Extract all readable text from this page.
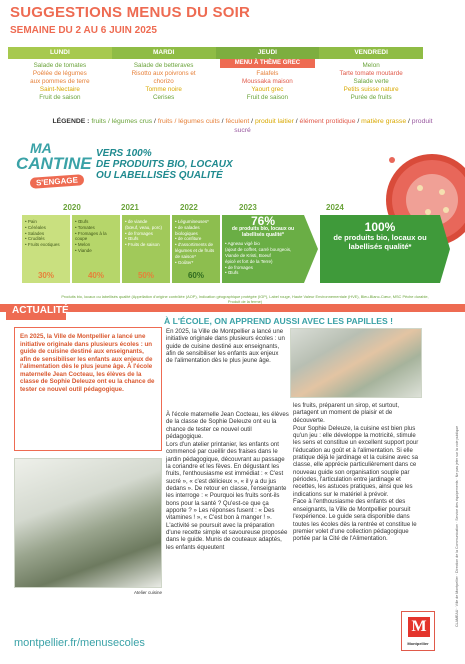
SUGGESTIONS MENUS DU SOIR
SEMAINE DU 2 AU 6 JUIN 2025
LUNDI
Salade de tomates
Poêlée de légumes
aux pommes de terre
Saint-Nectaire
Fruit de saison
MARDI
Salade de betteraves
Risotto aux poivrons et
chorizo
Tomme noire
Cerises
JEUDI
MENU À THÈME GREC
Falafels
Moussaka maison
Yaourt grec
Fruit de saison
VENDREDI
Melon
Tarte tomate moutarde
Salade verte
Petits suisse nature
Purée de fruits
LÉGENDE : fruits / légumes crus / fruits / légumes cuits / féculent / produit laitier / élément protidique / matière grasse / produit sucré
MA
CANTINE
S'ENGAGE
VERS 100%
DE PRODUITS BIO, LOCAUX
OU LABELLISÉS QUALITÉ
2020	2021	2022	2023	2024
• Pain
• Céréales
• Salades
• Crudités
• Fruits exotiques
30%
• Œufs
• Tomates
• Fromages à la coupe
• Melon
• Viande
40%
• de viande
(bœuf, veau, porc)
• de fromages
• Œufs
• Fruits de saison
50%
• Légumineuses*
• de salades
biologiques
• de confiture
• d'assortiments de
légumes et de fruits
de saison*
• Goûter*
60%
76%
de produits bio, locaux ou labellisés qualité*
• Agneau vigé bio
(ajout de coffret, carré bourgeois,
Viande de Kristi, Boeuf
épicé et fort de la Terre)
• de fromages
• Œufs
100%
de produits bio, locaux ou labellisés qualité*
Produits bio, locaux ou labellisés qualité (Appellation d'origine contrôlée (AOP), Indication géographique protégée (IGP), Label rouge, Haute Valeur Environnementale (HVE), Bleu-Blanc-Cœur, MSC Pêche durable, Produit de la ferme)
ACTUALITÉ
À L'ÉCOLE, ON APPREND AUSSI AVEC LES PAPILLES !
En 2025, la Ville de Montpellier a lancé une initiative originale dans plusieurs écoles : un guide de cuisine destiné aux enseignants, afin de sensibiliser les enfants aux enjeux de l'alimentation dès le plus jeune âge. À l'école maternelle Jean Cocteau, les élèves de la classe de Sophie Deleuze ont eu la chance de tester ce nouvel outil pédagogique.
Atelier cuisine

En 2025, la Ville de Montpellier a lancé une initiative originale dans plusieurs écoles : un guide de cuisine destiné aux enseignants, afin de sensibiliser les enfants aux enjeux de l'alimentation dès le plus jeune âge.

À l'école maternelle Jean Cocteau, les élèves de la classe de Sophie Deleuze ont eu la chance de tester ce nouvel outil pédagogique.

Lors d'un atelier printanier, les enfants ont commencé par cueillir des fraises dans le jardin pédagogique, découvrant au passage la coriandre et les fèves. En dégustant les fruits, l'enthousiasme est immédiat : « C'est sucré », « c'est délicieux », « il y a du jus dedans ». De retour en classe, l'enseignante les interroge : « Pourquoi les fruits sont-ils bons pour la santé ? Qu'est-ce que ça apporte ? » Les réponses fusent : « Des vitamines ! », « C'est bon à manger ! ». L'activité se poursuit avec la préparation d'une recette simple et savoureuse proposée dans le guide. Munis de couteaux adaptés, les enfants équeutent

les fruits, préparent un sirop, et surtout, partagent un moment de plaisir et de découverte.

Pour Sophie Deleuze, la cuisine est bien plus qu'un jeu : elle développe la motricité, stimule les sens et constitue un excellent support pour l'éducation au goût et à l'alimentation. Si elle pratique déjà le jardinage et la cuisine avec sa classe, elle apprécie particulièrement dans ce nouveau guide son organisation souple par périodes, l'articulation entre jardinage et recettes, les astuces pratiques, ainsi que les indications sur le matériel à prévoir.

Face à l'enthousiasme des enfants et des enseignants, la Ville de Montpellier poursuit l'expérience. Le guide sera disponible dans toutes les écoles dès la rentrée et constitue le premier volet d'une collection pédagogique portée par la Cité de l'Alimentation.

M
Montpellier
montpellier.fr/menusecoles
CLAMEAU · Ville de Montpellier · Direction de la Communication · Service des équipements · Ne pas jeter sur la voie publique
